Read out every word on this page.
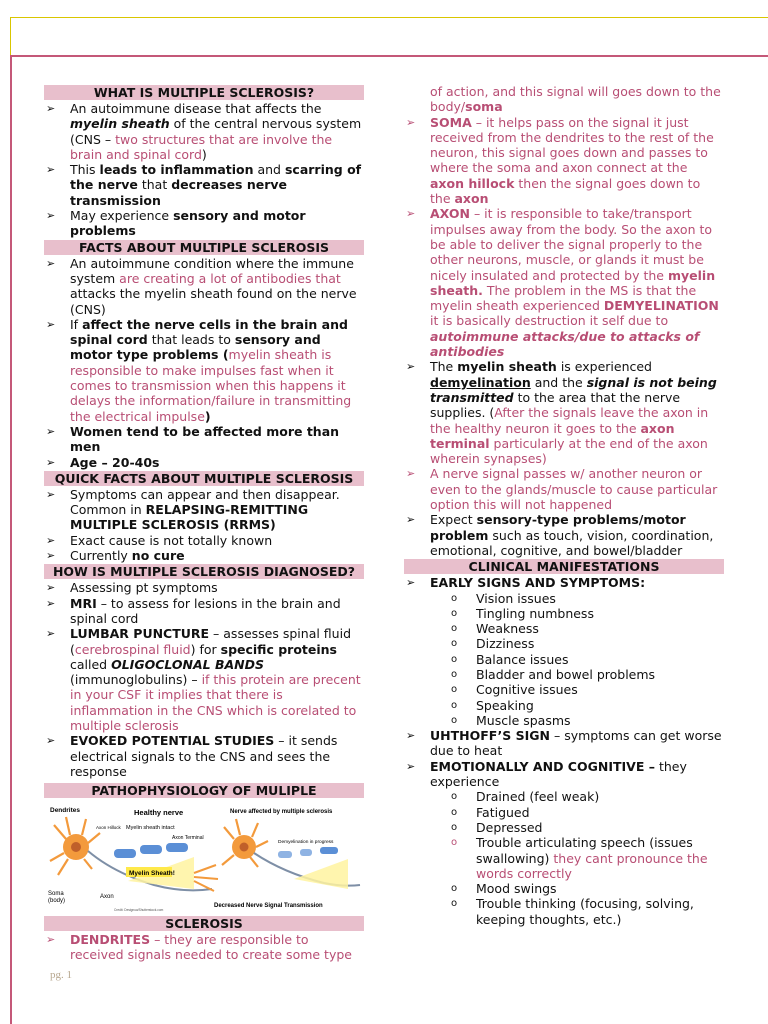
WHAT IS MULTIPLE SCLEROSIS?
➢ An autoimmune disease that affects the myelin sheath of the central nervous system (CNS – two structures that are involve the brain and spinal cord)
➢ This leads to inflammation and scarring of the nerve that decreases nerve transmission
➢ May experience sensory and motor problems
FACTS ABOUT MULTIPLE SCLEROSIS
➢ An autoimmune condition where the immune system are creating a lot of antibodies that attacks the myelin sheath found on the nerve (CNS)
➢ If affect the nerve cells in the brain and spinal cord that leads to sensory and motor type problems (myelin sheath is responsible to make impulses fast when it comes to transmission when this happens it delays the information/failure in transmitting the electrical impulse)
➢ Women tend to be affected more than men
➢ Age – 20-40s
QUICK FACTS ABOUT MULTIPLE SCLEROSIS
➢ Symptoms can appear and then disappear. Common in RELAPSING-REMITTING MULTIPLE SCLEROSIS (RRMS)
➢ Exact cause is not totally known
➢ Currently no cure
HOW IS MULTIPLE SCLEROSIS DIAGNOSED?
➢ Assessing pt symptoms
➢ MRI – to assess for lesions in the brain and spinal cord
➢ LUMBAR PUNCTURE – assesses spinal fluid (cerebrospinal fluid) for specific proteins called OLIGOCLONAL BANDS (immunoglobulins) – if this protein are precent in your CSF it implies that there is inflammation in the CNS which is corelated to multiple sclerosis
➢ EVOKED POTENTIAL STUDIES – it sends electrical signals to the CNS and sees the response
PATHOPHYSIOLOGY OF MULIPLE
Dendrites	Healthy nerve	Nerve affected by multiple sclerosis
Axon Hillock Myelin sheath intact
Axon Terminal
Myelin Sheath!
Soma
(body)
Axon
Demyelination in progress
Decreased Nerve Signal Transmission
Credit: Designua/Shutterstock.com
SCLEROSIS
➢ DENDRITES – they are responsible to received signals needed to create some type
of action, and this signal will goes down to the body/soma
➢ SOMA – it helps pass on the signal it just received from the dendrites to the rest of the neuron, this signal goes down and passes to where the soma and axon connect at the axon hillock then the signal goes down to the axon
➢ AXON – it is responsible to take/transport impulses away from the body. So the axon to be able to deliver the signal properly to the other neurons, muscle, or glands it must be nicely insulated and protected by the myelin sheath. The problem in the MS is that the myelin sheath experienced DEMYELINATION it is basically destruction it self due to autoimmune attacks/due to attacks of antibodies
➢ The myelin sheath is experienced demyelination and the signal is not being transmitted to the area that the nerve supplies. (After the signals leave the axon in the healthy neuron it goes to the axon terminal particularly at the end of the axon wherein synapses)
➢ A nerve signal passes w/ another neuron or even to the glands/muscle to cause particular option this will not happened
➢ Expect sensory-type problems/motor problem such as touch, vision, coordination, emotional, cognitive, and bowel/bladder
CLINICAL MANIFESTATIONS
➢ EARLY SIGNS AND SYMPTOMS:
o Vision issues
o Tingling numbness
o Weakness
o Dizziness
o Balance issues
o Bladder and bowel problems
o Cognitive issues
o Speaking
o Muscle spasms
➢ UHTHOFF’S SIGN – symptoms can get worse due to heat
➢ EMOTIONALLY AND COGNITIVE – they experience
o Drained (feel weak)
o Fatigued
o Depressed
o Trouble articulating speech (issues swallowing) they cant pronounce the words correctly
o Mood swings
o Trouble thinking (focusing, solving, keeping thoughts, etc.)
pg. 1
